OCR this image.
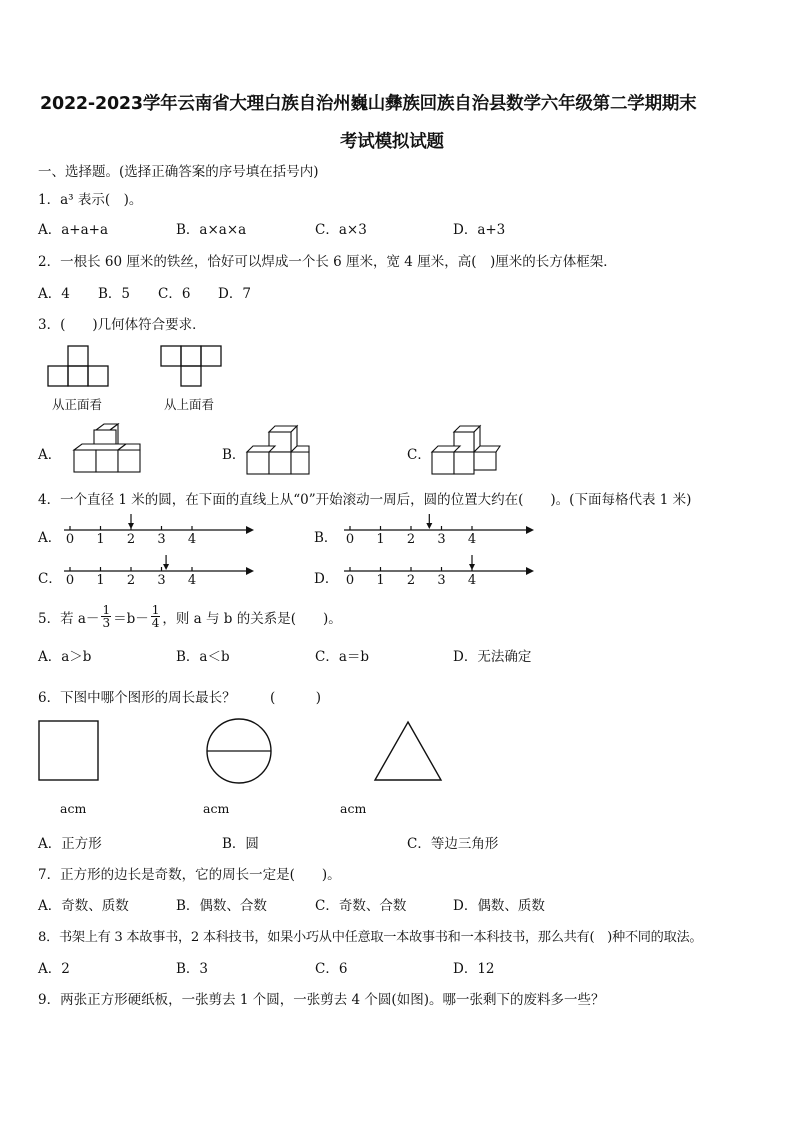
2022-2023学年云南省大理白族自治州巍山彝族回族自治县数学六年级第二学期期末
考试模拟试题
一、选择题。(选择正确答案的序号填在括号内)
1．a³ 表示(　)。
A．a+a+a	B．a×a×a	C．a×3	D．a+3
2．一根长 60 厘米的铁丝，恰好可以焊成一个长 6 厘米，宽 4 厘米，高(　)厘米的长方体框架．
A．4 B．5 C．6 D．7
3．(　　)几何体符合要求．
从正面看	从上面看
A．	B．	C．
4．一个直径 1 米的圆，在下面的直线上从“0”开始滚动一周后，圆的位置大约在(　　)。(下面每格代表 1 米)
A．	B．
C．	D．
0 1 2 3 4	0 1 2 3 4
0 1 2 3 4	0 1 2 3 4
5．若 $a- \frac{1}{3} =b- \frac{1}{4}$ ，则 a 与 b 的关系是(　　)。
A．a＞b	B．a＜b	C．a＝b	D．无法确定
6．下图中哪个图形的周长最长？	(　　　)
acm	acm	acm
A．正方形	B．圆	C．等边三角形
7．正方形的边长是奇数，它的周长一定是(　　)。
A．奇数、质数	B．偶数、合数	C．奇数、合数	D．偶数、质数
8．书架上有 3 本故事书，2 本科技书，如果小巧从中任意取一本故事书和一本科技书，那么共有(　)种不同的取法。
A．2	B．3	C．6	D．12
9．两张正方形硬纸板，一张剪去 1 个圆，一张剪去 4 个圆(如图)。哪一张剩下的废料多一些？
